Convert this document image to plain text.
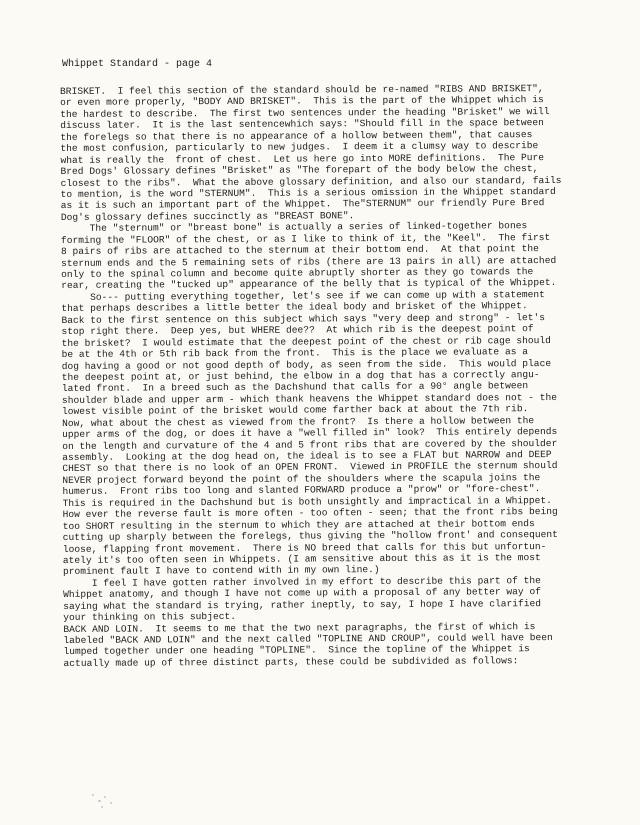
Whippet Standard - page 4
BRISKET.  I feel this section of the standard should be re-named "RIBS AND BRISKET",
or even more properly, "BODY AND BRISKET".  This is the part of the Whippet which is
the hardest to describe.  The first two sentences under the heading "Brisket" we will
discuss later.  It is the last sentencewhich says: "Should fill in the space between
the forelegs so that there is no appearance of a hollow between them", that causes
the most confusion, particularly to new judges.  I deem it a clumsy way to describe
what is really the  front of chest.  Let us here go into MORE definitions.  The Pure
Bred Dogs' Glossary defines "Brisket" as "The forepart of the body below the chest,
closest to the ribs".  What the above glossary definition, and also our standard, fails
to mention, is the word "STERNUM".  This is a serious omission in the Whippet standard
as it is such an important part of the Whippet.  The"STERNUM" our friendly Pure Bred
Dog's glossary defines succinctly as "BREAST BONE".
The "sternum" or "breast bone" is actually a series of linked-together bones
forming the "FLOOR" of the chest, or as I like to think of it, the "Keel".  The first
8 pairs of ribs are attached to the sternum at their bottom end.  At that point the
sternum ends and the 5 remaining sets of ribs (there are 13 pairs in all) are attached
only to the spinal column and become quite abruptly shorter as they go towards the
rear, creating the "tucked up" appearance of the belly that is typical of the Whippet.
So--- putting everything together, let's see if we can come up with a statement
that perhaps describes a little better the ideal body and brisket of the Whippet.
Back to the first sentence on this subject which says "very deep and strong" - let's
stop right there.  Deep yes, but WHERE dee??  At which rib is the deepest point of
the brisket?  I would estimate that the deepest point of the chest or rib cage should
be at the 4th or 5th rib back from the front.  This is the place we evaluate as a
dog having a good or not good depth of body, as seen from the side.  This would place
the deepest point at, or just behind, the elbow in a dog that has a correctly angu-
lated front.  In a breed such as the Dachshund that calls for a 90° angle between
shoulder blade and upper arm - which thank heavens the Whippet standard does not - the
lowest visible point of the brisket would come farther back at about the 7th rib.
Now, what about the chest as viewed from the front?  Is there a hollow between the
upper arms of the dog, or does it have a "well filled in" look?  This entirely depends
on the length and curvature of the 4 and 5 front ribs that are covered by the shoulder
assembly.  Looking at the dog head on, the ideal is to see a FLAT but NARROW and DEEP
CHEST so that there is no look of an OPEN FRONT.  Viewed in PROFILE the sternum should
NEVER project forward beyond the point of the shoulders where the scapula joins the
humerus.  Front ribs too long and slanted FORWARD produce a "prow" or "fore-chest".
This is required in the Dachshund but is both unsightly and impractical in a Whippet.
How ever the reverse fault is more often - too often - seen; that the front ribs being
too SHORT resulting in the sternum to which they are attached at their bottom ends
cutting up sharply between the forelegs, thus giving the "hollow front' and consequent
loose, flapping front movement.  There is NO breed that calls for this but unfortun-
ately it's too often seen in Whippets. (I am sensitive about this as it is the most
prominent fault I have to contend with in my own line.)
I feel I have gotten rather involved in my effort to describe this part of the
Whippet anatomy, and though I have not come up with a proposal of any better way of
saying what the standard is trying, rather ineptly, to say, I hope I have clarified
your thinking on this subject.
BACK AND LOIN.  It seems to me that the two next paragraphs, the first of which is
labeled "BACK AND LOIN" and the next called "TOPLINE AND CROUP", could well have been
lumped together under one heading "TOPLINE".  Since the topline of the Whippet is
actually made up of three distinct parts, these could be subdivided as follows:
